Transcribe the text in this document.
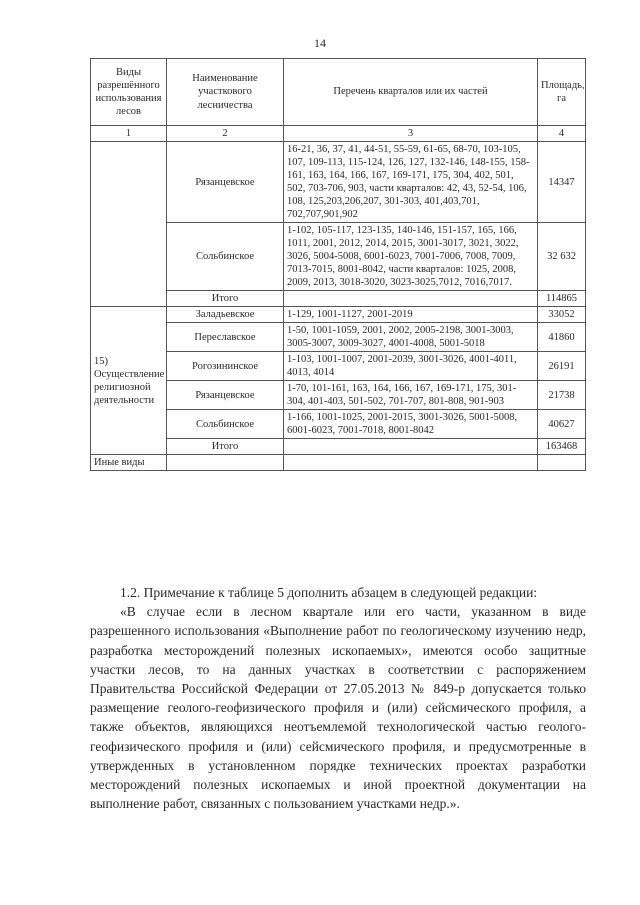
14
Виды разрешённого использования лесов	Наименование участкового лесничества	Перечень кварталов или их частей	Площадь, га
1	2	3	4
	Рязанцевское	16-21, 36, 37, 41, 44-51, 55-59, 61-65, 68-70, 103-105, 107, 109-113, 115-124, 126, 127, 132-146, 148-155, 158-161, 163, 164, 166, 167, 169-171, 175, 304, 402, 501, 502, 703-706, 903, части кварталов: 42, 43, 52-54, 106, 108, 125,203,206,207, 301-303, 401,403,701, 702,707,901,902	14347
	Сольбинское	1-102, 105-117, 123-135, 140-146, 151-157, 165, 166, 1011, 2001, 2012, 2014, 2015, 3001-3017, 3021, 3022, 3026, 5004-5008, 6001-6023, 7001-7006, 7008, 7009, 7013-7015, 8001-8042, части кварталов: 1025, 2008, 2009, 2013, 3018-3020, 3023-3025,7012, 7016,7017.	32 632
	Итого		114865
15) Осуществление религиозной деятельности	Заладьевское	1-129, 1001-1127, 2001-2019	33052
	Переславское	1-50, 1001-1059, 2001, 2002, 2005-2198, 3001-3003, 3005-3007, 3009-3027, 4001-4008, 5001-5018	41860
	Рогозининское	1-103, 1001-1007, 2001-2039, 3001-3026, 4001-4011, 4013, 4014	26191
	Рязанцевское	1-70, 101-161, 163, 164, 166, 167, 169-171, 175, 301-304, 401-403, 501-502, 701-707, 801-808, 901-903	21738
	Сольбинское	1-166, 1001-1025, 2001-2015, 3001-3026, 5001-5008, 6001-6023, 7001-7018, 8001-8042	40627
	Итого		163468
Иные виды			

1.2. Примечание к таблице 5 дополнить абзацем в следующей редакции:

«В случае если в лесном квартале или его части, указанном в виде разрешенного использования «Выполнение работ по геологическому изучению недр, разработка месторождений полезных ископаемых», имеются особо защитные участки лесов, то на данных участках в соответствии с распоряжением Правительства Российской Федерации от 27.05.2013 № 849-р допускается только размещение геолого-геофизического профиля и (или) сейсмического профиля, а также объектов, являющихся неотъемлемой технологической частью геолого-геофизического профиля и (или) сейсмического профиля, и предусмотренные в утвержденных в установленном порядке технических проектах разработки месторождений полезных ископаемых и иной проектной документации на выполнение работ, связанных с пользованием участками недр.».
